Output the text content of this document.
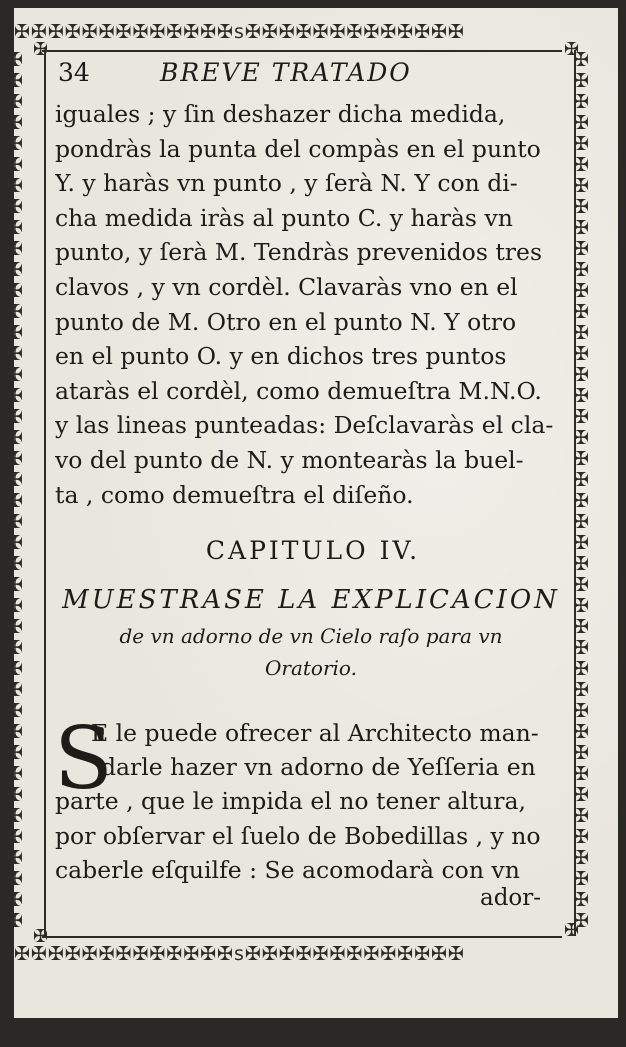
✠✠✠✠✠✠✠✠✠✠✠✠✠s✠✠✠✠✠✠✠✠✠✠✠✠✠
✠✠✠✠✠✠✠✠✠✠✠✠✠s✠✠✠✠✠✠✠✠✠✠✠✠✠
✠
✠
✠
✠
✠
✠
✠
✠
✠
✠
✠
✠
✠
✠
✠
✠
✠
✠
✠
✠
✠
✠
✠
✠
✠
✠
✠
✠
✠
✠
✠
✠
✠
✠
✠
✠
✠
✠
✠
✠
✠
✠

✠
✠
✠
✠
✠
✠
✠
✠
✠
✠
✠
✠
✠
✠
✠
✠
✠
✠
✠
✠
✠
✠
✠
✠
✠
✠
✠
✠
✠
✠
✠
✠
✠
✠
✠
✠
✠
✠
✠
✠
✠
✠

✠	✠
✠	✠
34	BREVE TRATADO
iguales ; y ſin deshazer dicha medida,
pondràs la punta del compàs en el punto
Y. y haràs vn punto , y ſerà N. Y con di-
cha medida iràs al punto C. y haràs vn
punto, y ſerà M. Tendràs prevenidos tres
clavos , y vn cordèl. Clavaràs vno en el
punto de M. Otro en el punto N. Y otro
en el punto O. y en dichos tres puntos
ataràs el cordèl, como demueſtra M.N.O.
y las lineas punteadas: Deſclavaràs el cla-
vo del punto de N. y montearàs la buel-
ta , como demueſtra el diſeño.
CAPITULO IV.
MUESTRASE LA EXPLICACION
de vn adorno de vn Cielo raſo para vn
Oratorio.
S
E le puede ofrecer al Architecto man-
darle hazer vn adorno de Yeſſeria en
parte , que le impida el no tener altura,
por obſervar el ſuelo de Bobedillas , y no
caberle eſquilfe : Se acomodarà con vn
ador-
